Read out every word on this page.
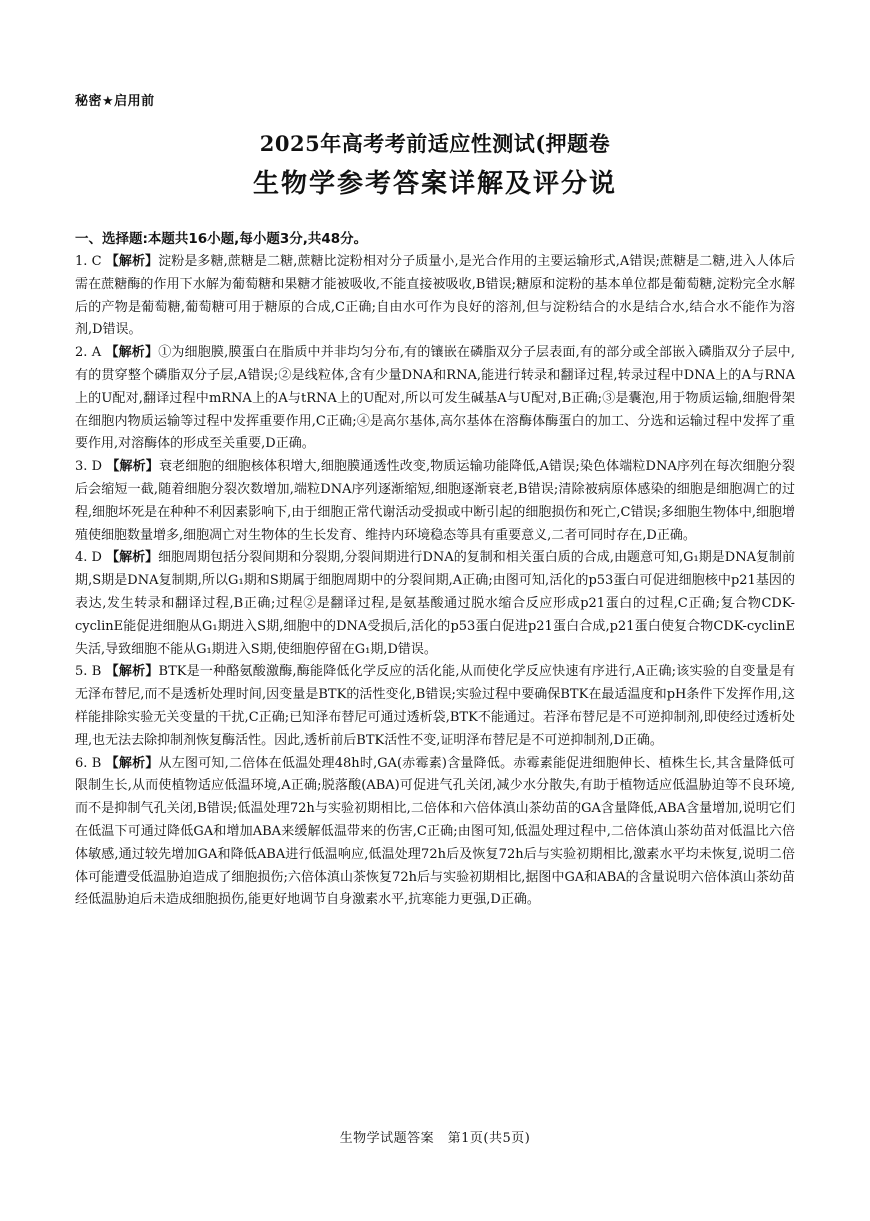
秘密★启用前
2025年高考考前适应性测试(押题卷
生物学参考答案详解及评分说
一、选择题:本题共16小题,每小题3分,共48分。

1. C 【解析】淀粉是多糖,蔗糖是二糖,蔗糖比淀粉相对分子质量小,是光合作用的主要运输形式,A错误;蔗糖是二糖,进入人体后需在蔗糖酶的作用下水解为葡萄糖和果糖才能被吸收,不能直接被吸收,B错误;糖原和淀粉的基本单位都是葡萄糖,淀粉完全水解后的产物是葡萄糖,葡萄糖可用于糖原的合成,C正确;自由水可作为良好的溶剂,但与淀粉结合的水是结合水,结合水不能作为溶剂,D错误。

2. A 【解析】①为细胞膜,膜蛋白在脂质中并非均匀分布,有的镶嵌在磷脂双分子层表面,有的部分或全部嵌入磷脂双分子层中,有的贯穿整个磷脂双分子层,A错误;②是线粒体,含有少量DNA和RNA,能进行转录和翻译过程,转录过程中DNA上的A与RNA上的U配对,翻译过程中mRNA上的A与tRNA上的U配对,所以可发生碱基A与U配对,B正确;③是囊泡,用于物质运输,细胞骨架在细胞内物质运输等过程中发挥重要作用,C正确;④是高尔基体,高尔基体在溶酶体酶蛋白的加工、分选和运输过程中发挥了重要作用,对溶酶体的形成至关重要,D正确。

3. D 【解析】衰老细胞的细胞核体积增大,细胞膜通透性改变,物质运输功能降低,A错误;染色体端粒DNA序列在每次细胞分裂后会缩短一截,随着细胞分裂次数增加,端粒DNA序列逐渐缩短,细胞逐渐衰老,B错误;清除被病原体感染的细胞是细胞凋亡的过程,细胞坏死是在种种不利因素影响下,由于细胞正常代谢活动受损或中断引起的细胞损伤和死亡,C错误;多细胞生物体中,细胞增殖使细胞数量增多,细胞凋亡对生物体的生长发育、维持内环境稳态等具有重要意义,二者可同时存在,D正确。

4. D 【解析】细胞周期包括分裂间期和分裂期,分裂间期进行DNA的复制和相关蛋白质的合成,由题意可知,G₁期是DNA复制前期,S期是DNA复制期,所以G₁期和S期属于细胞周期中的分裂间期,A正确;由图可知,活化的p53蛋白可促进细胞核中p21基因的表达,发生转录和翻译过程,B正确;过程②是翻译过程,是氨基酸通过脱水缩合反应形成p21蛋白的过程,C正确;复合物CDK-cyclinE能促进细胞从G₁期进入S期,细胞中的DNA受损后,活化的p53蛋白促进p21蛋白合成,p21蛋白使复合物CDK-cyclinE失活,导致细胞不能从G₁期进入S期,使细胞停留在G₁期,D错误。

5. B 【解析】BTK是一种酪氨酸激酶,酶能降低化学反应的活化能,从而使化学反应快速有序进行,A正确;该实验的自变量是有无泽布替尼,而不是透析处理时间,因变量是BTK的活性变化,B错误;实验过程中要确保BTK在最适温度和pH条件下发挥作用,这样能排除实验无关变量的干扰,C正确;已知泽布替尼可通过透析袋,BTK不能通过。若泽布替尼是不可逆抑制剂,即使经过透析处理,也无法去除抑制剂恢复酶活性。因此,透析前后BTK活性不变,证明泽布替尼是不可逆抑制剂,D正确。

6. B 【解析】从左图可知,二倍体在低温处理48h时,GA(赤霉素)含量降低。赤霉素能促进细胞伸长、植株生长,其含量降低可限制生长,从而使植物适应低温环境,A正确;脱落酸(ABA)可促进气孔关闭,减少水分散失,有助于植物适应低温胁迫等不良环境,而不是抑制气孔关闭,B错误;低温处理72h与实验初期相比,二倍体和六倍体滇山茶幼苗的GA含量降低,ABA含量增加,说明它们在低温下可通过降低GA和增加ABA来缓解低温带来的伤害,C正确;由图可知,低温处理过程中,二倍体滇山茶幼苗对低温比六倍体敏感,通过较先增加GA和降低ABA进行低温响应,低温处理72h后及恢复72h后与实验初期相比,激素水平均未恢复,说明二倍体可能遭受低温胁迫造成了细胞损伤;六倍体滇山茶恢复72h后与实验初期相比,据图中GA和ABA的含量说明六倍体滇山茶幼苗经低温胁迫后未造成细胞损伤,能更好地调节自身激素水平,抗寒能力更强,D正确。

生物学试题答案　第1页(共5页)
